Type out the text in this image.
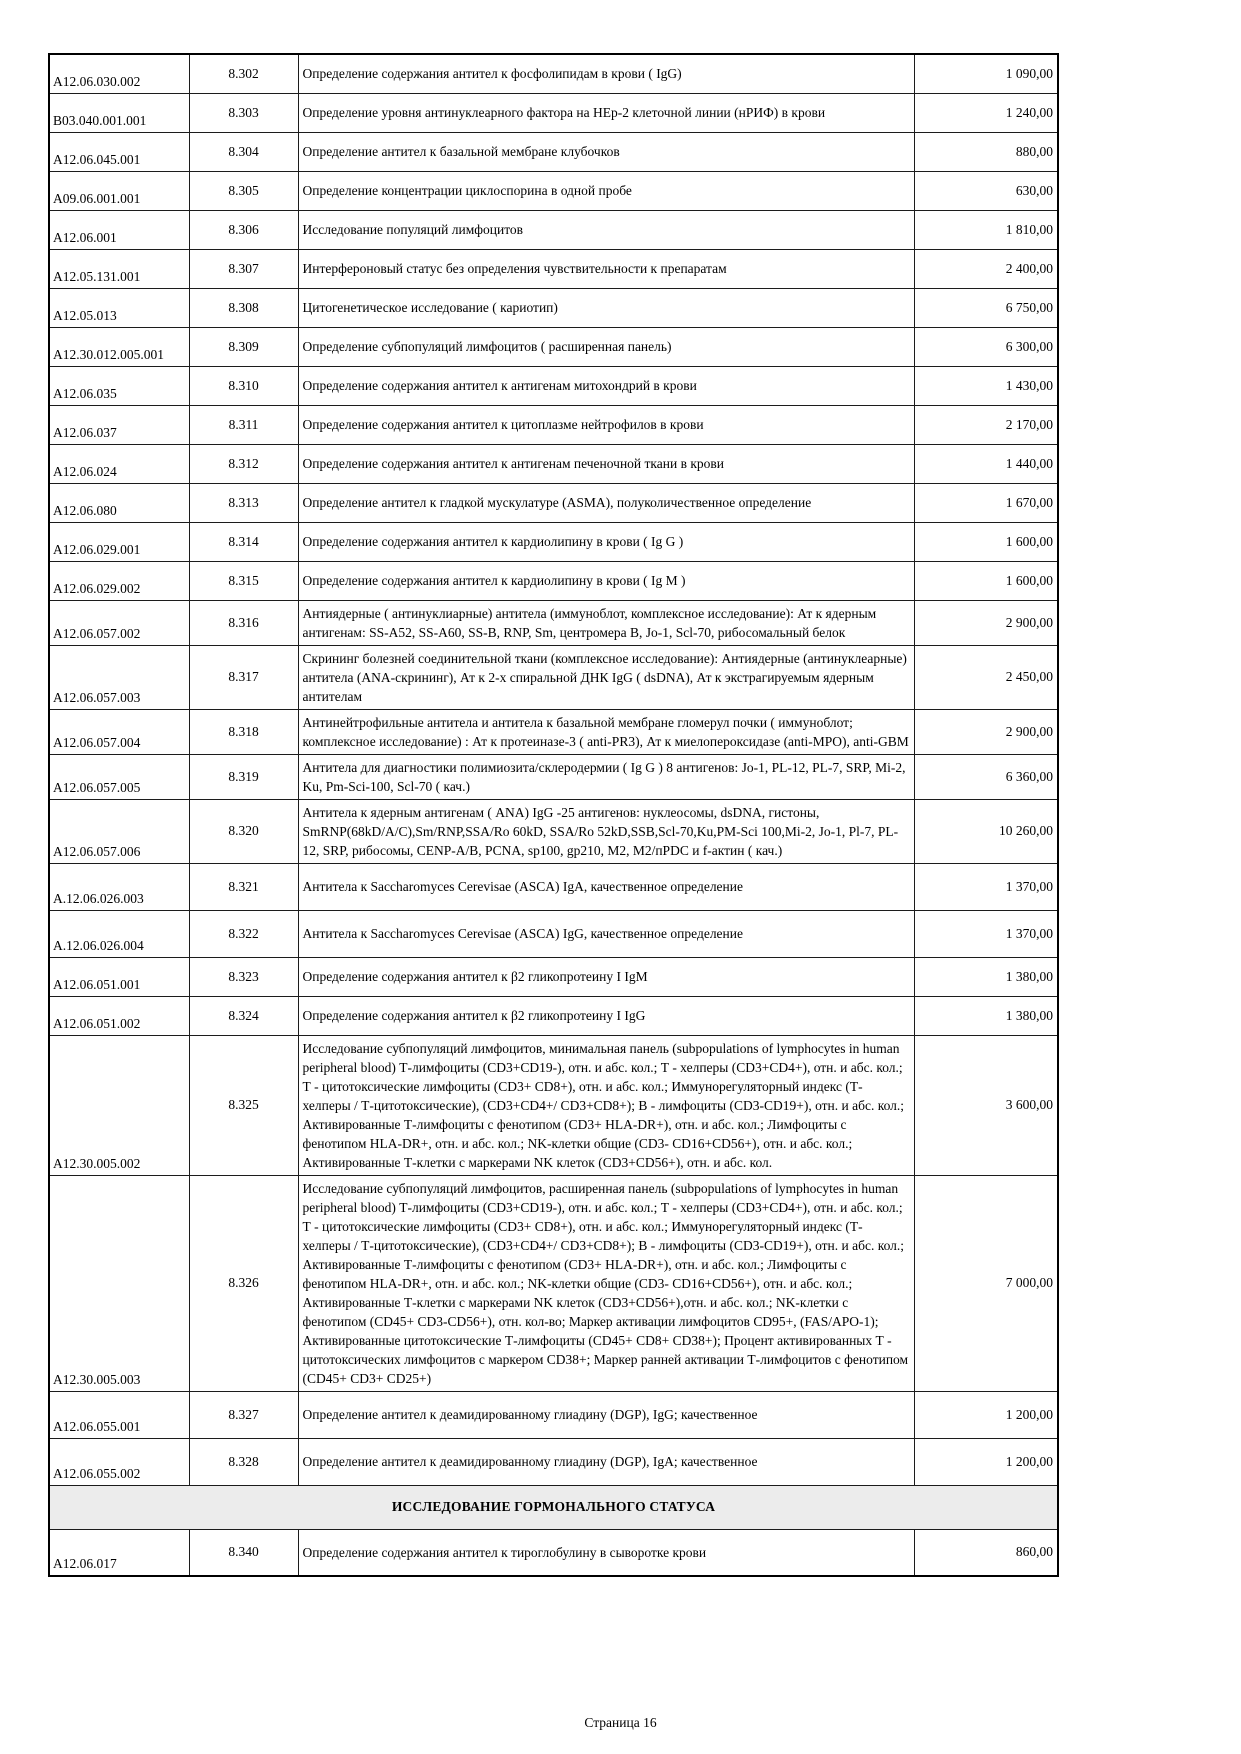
A12.06.030.002	8.302	Определение содержания антител к фосфолипидам в крови ( IgG)	1 090,00
B03.040.001.001	8.303	Определение уровня антинуклеарного фактора на НЕр-2 клеточной линии (нРИФ) в крови	1 240,00
A12.06.045.001	8.304	Определение антител к базальной мембране клубочков	880,00
A09.06.001.001	8.305	Определение концентрации циклоспорина в одной пробе	630,00
A12.06.001	8.306	Исследование популяций лимфоцитов	1 810,00
A12.05.131.001	8.307	Интерфероновый статус без определения чувствительности к препаратам	2 400,00
A12.05.013	8.308	Цитогенетическое исследование ( кариотип)	6 750,00
A12.30.012.005.001	8.309	Определение субпопуляций лимфоцитов ( расширенная панель)	6 300,00
A12.06.035	8.310	Определение содержания антител к антигенам митохондрий в крови	1 430,00
A12.06.037	8.311	Определение содержания антител к цитоплазме нейтрофилов в крови	2 170,00
A12.06.024	8.312	Определение содержания антител к антигенам печеночной ткани в крови	1 440,00
A12.06.080	8.313	Определение антител к гладкой мускулатуре (ASMA), полуколичественное определение	1 670,00
A12.06.029.001	8.314	Определение содержания антител к кардиолипину в крови ( Ig G )	1 600,00
A12.06.029.002	8.315	Определение содержания антител к кардиолипину в крови ( Ig M )	1 600,00
A12.06.057.002	8.316	Антиядерные ( антинуклиарные) антитела (иммуноблот, комплексное исследование): Ат к ядерным антигенам: SS-A52, SS-A60, SS-B, RNP, Sm, центромера В, Jo-1, Scl-70, рибосомальный белок	2 900,00
A12.06.057.003	8.317	Скрининг болезней соединительной ткани (комплексное исследование): Антиядерные (антинуклеарные) антитела (ANA-скрининг), Ат к 2-х спиральной ДНК IgG ( dsDNA), Ат к экстрагируемым ядерным антителам	2 450,00
A12.06.057.004	8.318	Антинейтрофильные антитела и антитела к базальной мембране гломерул почки ( иммуноблот; комплексное исследование) : Ат к протеиназе-3 ( anti-PR3), Ат к миелопероксидазе (anti-MPO), anti-GBM	2 900,00
A12.06.057.005	8.319	Антитела для диагностики полимиозита/склеродермии ( Ig G ) 8 антигенов: Jo-1, PL-12, PL-7, SRP, Mi-2, Ku, Pm-Sci-100, Scl-70 ( кач.)	6 360,00
A12.06.057.006	8.320	Антитела к ядерным антигенам ( ANA) IgG -25 антигенов: нуклеосомы, dsDNA, гистоны, SmRNP(68kD/A/C),Sm/RNP,SSA/Ro 60kD, SSA/Ro 52kD,SSB,Scl-70,Ku,PM-Sci 100,Mi-2, Jo-1, Pl-7, PL-12, SRP, рибосомы, CENP-A/B, PCNA, sp100, gp210, M2, M2/пPDC и f-актин ( кач.)	10 260,00
A.12.06.026.003	8.321	Антитела к Saccharomyces Cerevisae (ASCA) IgA, качественное определение	1 370,00
A.12.06.026.004	8.322	Антитела к Saccharomyces Cerevisae (ASCA) IgG, качественное определение	1 370,00
A12.06.051.001	8.323	Определение содержания антител к β2 гликопротеину I IgM	1 380,00
A12.06.051.002	8.324	Определение содержания антител к β2 гликопротеину I IgG	1 380,00
A12.30.005.002	8.325	Исследование субпопуляций лимфоцитов, минимальная панель (subpopulations of lymphocytes in human peripheral blood) Т-лимфоциты (CD3+CD19-), отн. и абс. кол.; Т - хелперы (CD3+CD4+), отн. и абс. кол.; Т - цитотоксические лимфоциты (CD3+ CD8+), отн. и абс. кол.; Иммунорегуляторный индекс (Т-хелперы / Т-цитотоксические), (CD3+CD4+/ CD3+CD8+); В - лимфоциты (CD3-CD19+), отн. и абс. кол.; Активированные Т-лимфоциты с фенотипом (CD3+ HLA-DR+), отн. и абс. кол.; Лимфоциты с фенотипом HLA-DR+, отн. и абс. кол.; NK-клетки общие (CD3- CD16+CD56+), отн. и абс. кол.; Активированные Т-клетки с маркерами NK клеток (CD3+CD56+), отн. и абс. кол.	3 600,00
A12.30.005.003	8.326	Исследование субпопуляций лимфоцитов, расширенная панель (subpopulations of lymphocytes in human peripheral blood) Т-лимфоциты (CD3+CD19-), отн. и абс. кол.; Т - хелперы (CD3+CD4+), отн. и абс. кол.; Т - цитотоксические лимфоциты (CD3+ CD8+), отн. и абс. кол.; Иммунорегуляторный индекс (Т-хелперы / Т-цитотоксические), (CD3+CD4+/ CD3+CD8+); В - лимфоциты (CD3-CD19+), отн. и абс. кол.; Активированные Т-лимфоциты с фенотипом (CD3+ HLA-DR+), отн. и абс. кол.; Лимфоциты с фенотипом HLA-DR+, отн. и абс. кол.; NK-клетки общие (CD3- CD16+CD56+), отн. и абс. кол.; Активированные Т-клетки с маркерами NK клеток (CD3+CD56+),отн. и абс. кол.; NK-клетки с фенотипом (CD45+ CD3-CD56+), отн. кол-во; Маркер активации лимфоцитов CD95+, (FAS/APO-1); Активированные цитотоксические Т-лимфоциты (CD45+ CD8+ CD38+); Процент активированных Т - цитотоксических лимфоцитов с маркером CD38+; Маркер ранней активации Т-лимфоцитов с фенотипом (CD45+ CD3+ CD25+)	7 000,00
A12.06.055.001	8.327	Определение антител к деамидированному глиадину (DGP), IgG; качественное	1 200,00
A12.06.055.002	8.328	Определение антител к деамидированному глиадину (DGP), IgA; качественное	1 200,00
ИССЛЕДОВАНИЕ ГОРМОНАЛЬНОГО СТАТУСА			
A12.06.017	8.340	Определение содержания антител к тироглобулину в сыворотке крови	860,00
Страница 16
